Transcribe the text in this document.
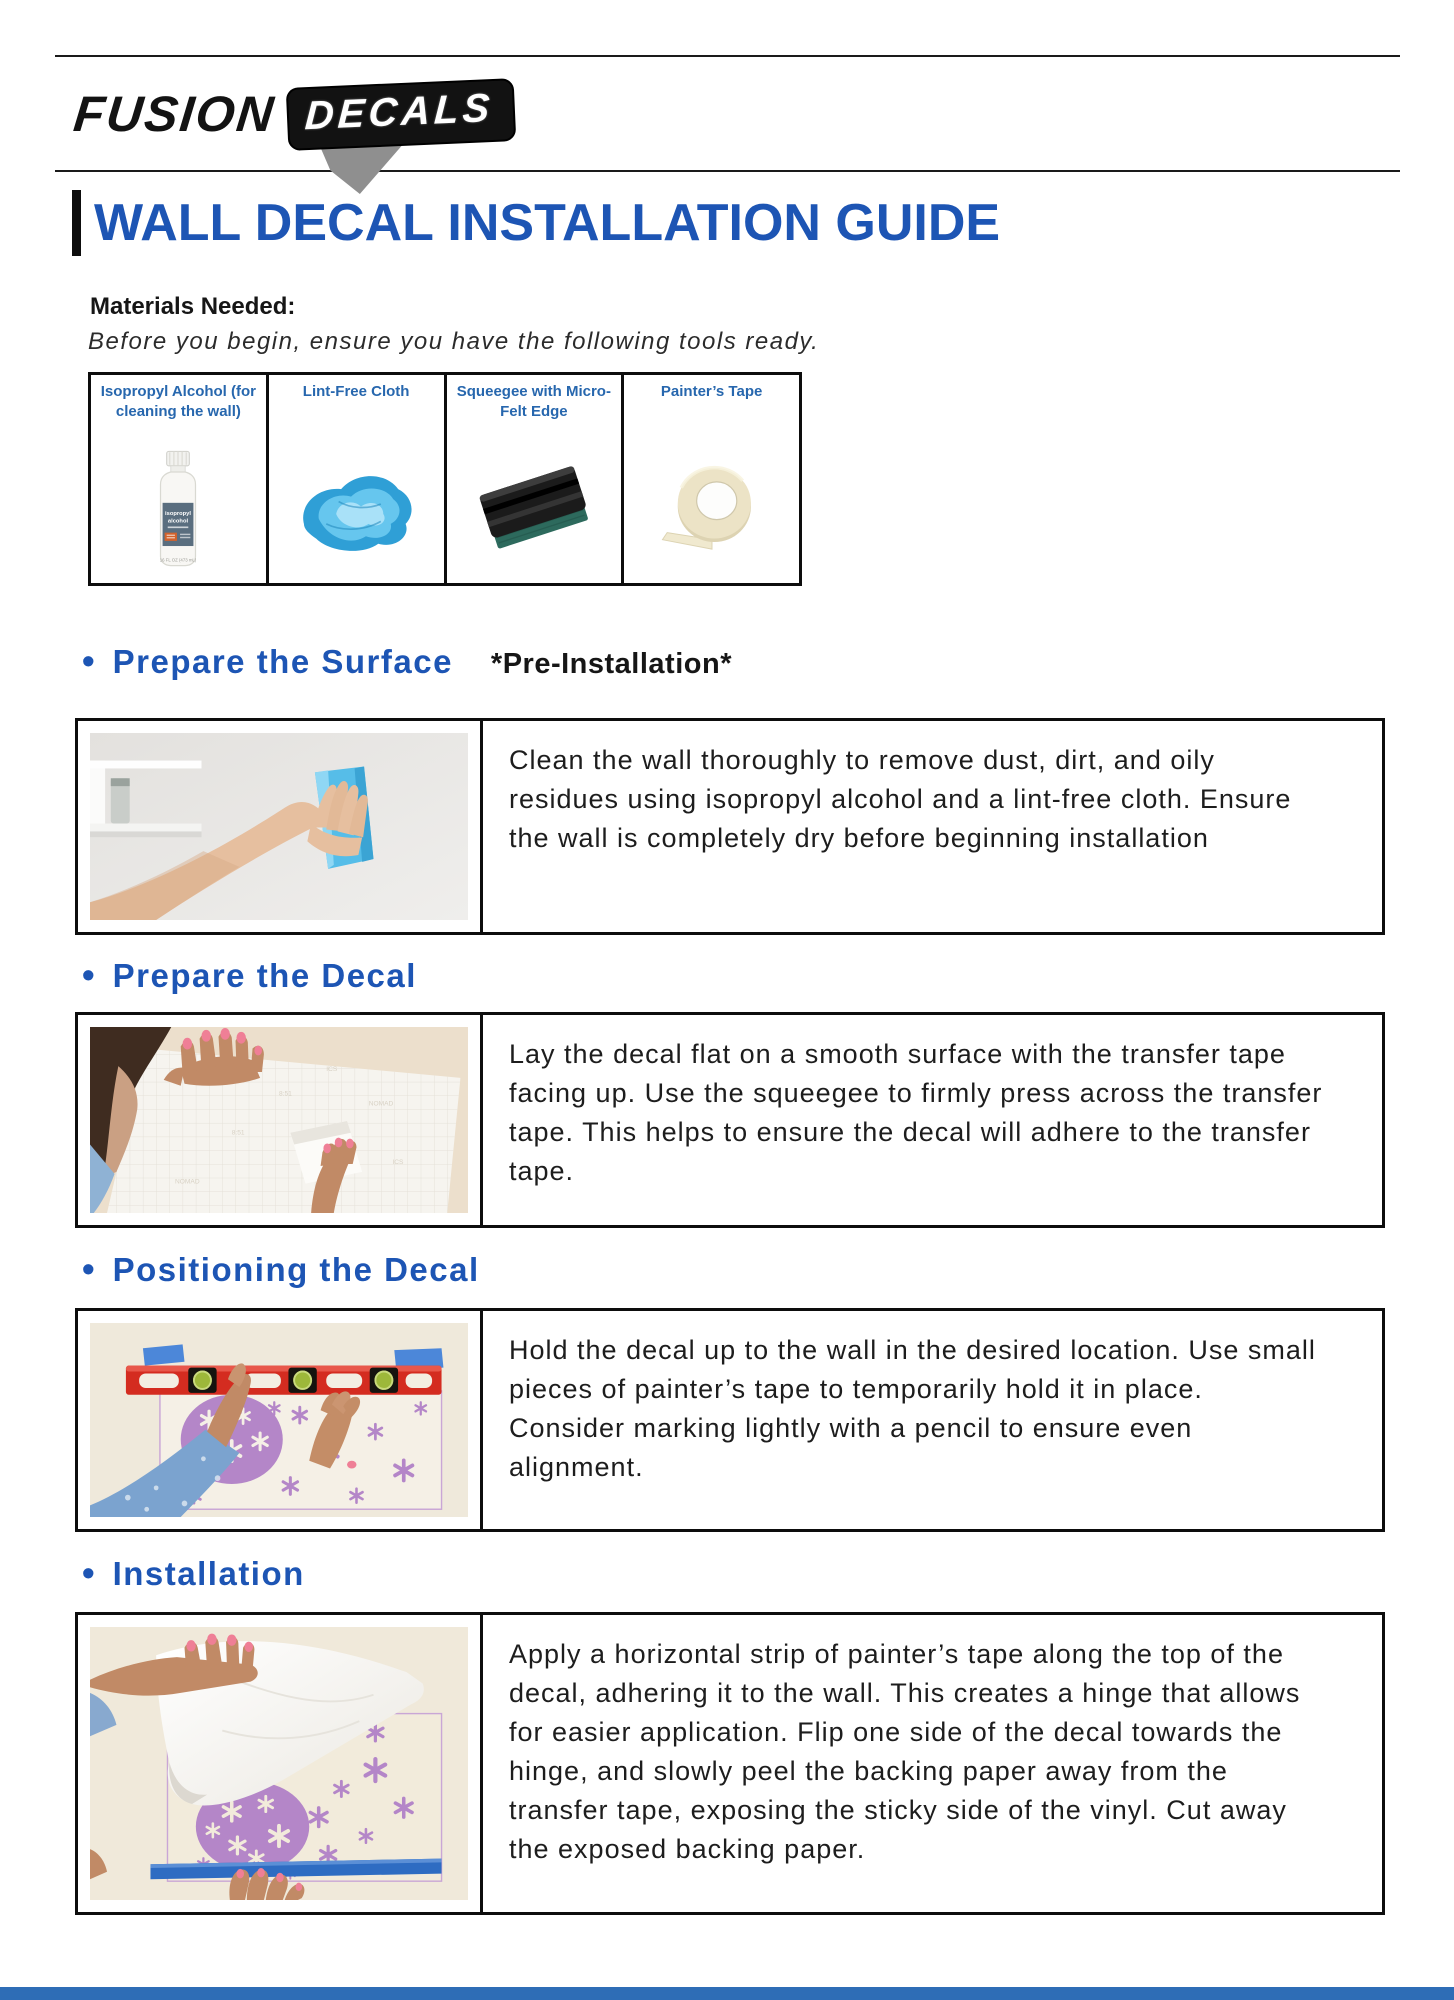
FUSION DECALS
WALL DECAL INSTALLATION GUIDE
Materials Needed:
Before you begin, ensure you have the following tools ready.
Isopropyl Alcohol (for cleaning the wall)
isopropyl
alcohol
16 FL OZ (473 mL)
Lint-Free Cloth	Squeegee with Micro-Felt Edge
Painter’s Tape
• Prepare the Surface *Pre-Installation*
Clean the wall thoroughly to remove dust, dirt, and oily residues using isopropyl alcohol and a lint-free cloth. Ensure the wall is completely dry before beginning installation
• Prepare the Decal
ICS
NOMAD
8:51
NOMAD
ICS
8:51
Lay the decal flat on a smooth surface with the transfer tape facing up. Use the squeegee to firmly press across the transfer tape. This helps to ensure the decal will adhere to the transfer tape.
• Positioning the Decal
Hold the decal up to the wall in the desired location. Use small pieces of painter’s tape to temporarily hold it in place. Consider marking lightly with a pencil to ensure even alignment.
• Installation
Apply a horizontal strip of painter’s tape along the top of the decal, adhering it to the wall. This creates a hinge that allows for easier application. Flip one side of the decal towards the hinge, and slowly peel the backing paper away from the transfer tape, exposing the sticky side of the vinyl. Cut away the exposed backing paper.
